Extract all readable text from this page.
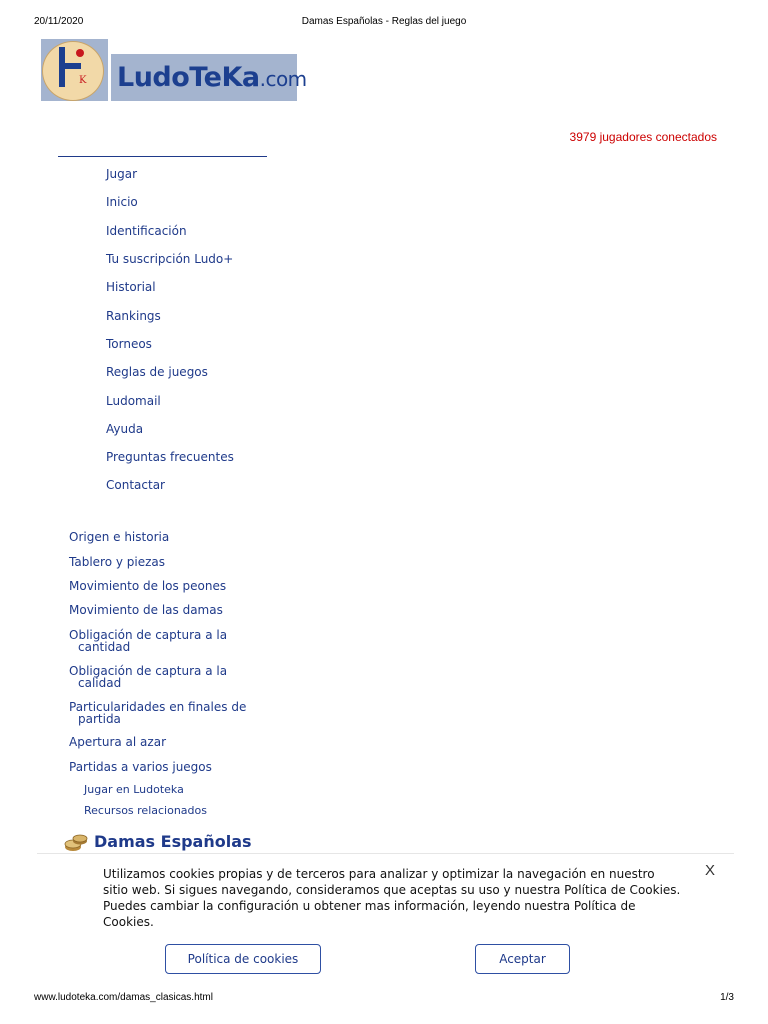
20/11/2020	Damas Españolas - Reglas del juego
K LudoTeKa.com
3979 jugadores conectados
Jugar
Inicio
Identificación
Tu suscripción Ludo+
Historial
Rankings
Torneos
Reglas de juegos
Ludomail
Ayuda
Preguntas frecuentes
Contactar
Origen e historia
Tablero y piezas
Movimiento de los peones
Movimiento de las damas
Obligación de captura a la
cantidad
Obligación de captura a la
calidad
Particularidades en finales de
partida
Apertura al azar
Partidas a varios juegos
Jugar en Ludoteka
Recursos relacionados
Damas Españolas
Utilizamos cookies propias y de terceros para analizar y optimizar la navegación en nuestro sitio web. Si sigues navegando, consideramos que aceptas su uso y nuestra Política de Cookies. Puedes cambiar la configuración u obtener mas información, leyendo nuestra Política de Cookies.
X
Política de cookies	Aceptar
www.ludoteka.com/damas_clasicas.html	1/3
